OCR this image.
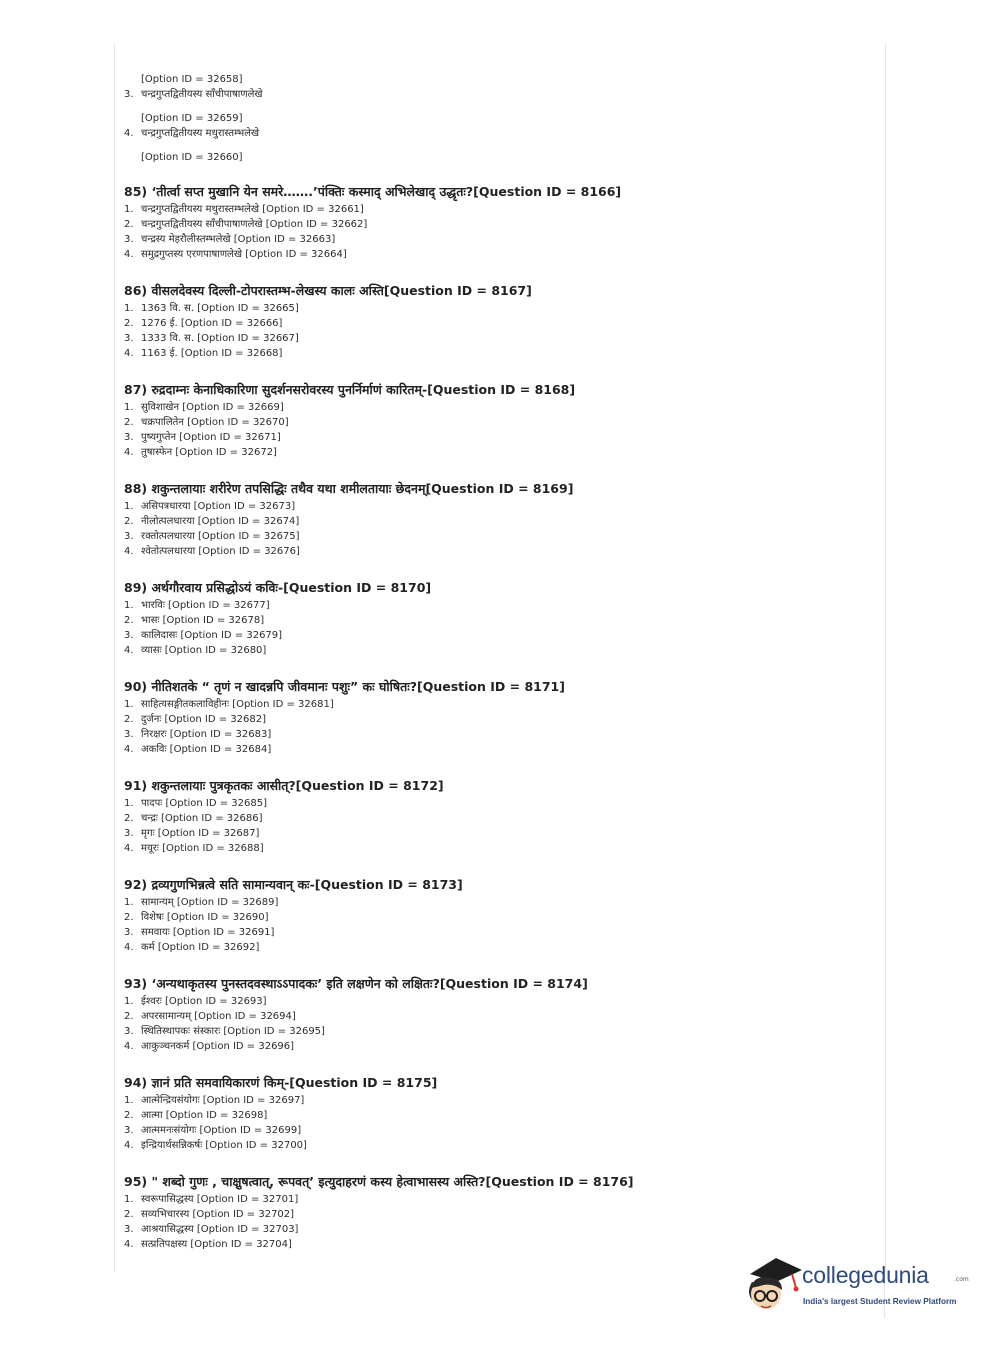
[Option ID = 32658]
3. चन्द्रगुप्तद्वितीयस्य साँचीपाषाणलेखे
[Option ID = 32659]
4. चन्द्रगुप्तद्वितीयस्य मथुरास्तम्भलेखे
[Option ID = 32660]
85) ‘तीर्त्वा सप्त मुखानि येन समरे…….’पंक्तिः कस्माद् अभिलेखाद् उद्धृतः?[Question ID = 8166]
1. चन्द्रगुप्तद्वितीयस्य मथुरास्तम्भलेखे [Option ID = 32661]
2. चन्द्रगुप्तद्वितीयस्य साँचीपाषाणलेखे [Option ID = 32662]
3. चन्द्रस्य मेहरौलीस्तम्भलेखे [Option ID = 32663]
4. समुद्रगुप्तस्य एरणपाषाणलेखे [Option ID = 32664]
86) वीसलदेवस्य दिल्ली-टोपरास्तम्भ-लेखस्य कालः अस्ति[Question ID = 8167]
1. 1363 वि. स. [Option ID = 32665]
2. 1276 ई. [Option ID = 32666]
3. 1333 वि. स. [Option ID = 32667]
4. 1163 ई. [Option ID = 32668]
87) रुद्रदाम्नः केनाधिकारिणा सुदर्शनसरोवरस्य पुनर्निर्माणं कारितम्-[Question ID = 8168]
1. सुविशाखेन [Option ID = 32669]
2. चक्रपालितेन [Option ID = 32670]
3. पुष्यगुप्तेन [Option ID = 32671]
4. तुषास्फेन [Option ID = 32672]
88) शकुन्तलायाः शरीरेण तपसिद्धिः तथैव यथा शमीलतायाः छेदनम्[Question ID = 8169]
1. असिपत्रधारया [Option ID = 32673]
2. नीलोत्पलधारया [Option ID = 32674]
3. रक्तोत्पलधारया [Option ID = 32675]
4. श्वेतोत्पलधारया [Option ID = 32676]
89) अर्थगौरवाय प्रसिद्धोऽयं कविः-[Question ID = 8170]
1. भारविः [Option ID = 32677]
2. भासः [Option ID = 32678]
3. कालिदासः [Option ID = 32679]
4. व्यासः [Option ID = 32680]
90) नीतिशतके “ तृणं न खादन्नपि जीवमानः पशुः” कः घोषितः?[Question ID = 8171]
1. साहित्यसङ्गीतकलाविहीनः [Option ID = 32681]
2. दुर्जनः [Option ID = 32682]
3. निरक्षरः [Option ID = 32683]
4. अकविः [Option ID = 32684]
91) शकुन्तलायाः पुत्रकृतकः आसीत्?[Question ID = 8172]
1. पादपः [Option ID = 32685]
2. चन्द्रः [Option ID = 32686]
3. मृगः [Option ID = 32687]
4. मयूरः [Option ID = 32688]
92) द्रव्यगुणभिन्नत्वे सति सामान्यवान् कः-[Question ID = 8173]
1. सामान्यम् [Option ID = 32689]
2. विशेषः [Option ID = 32690]
3. समवायः [Option ID = 32691]
4. कर्म [Option ID = 32692]
93) ‘अन्यथाकृतस्य पुनस्तदवस्थाऽऽपादकः’ इति लक्षणेन को लक्षितः?[Question ID = 8174]
1. ईश्वरः [Option ID = 32693]
2. अपरसामान्यम् [Option ID = 32694]
3. स्थितिस्थापकः संस्कारः [Option ID = 32695]
4. आकुञ्चनकर्म [Option ID = 32696]
94) ज्ञानं प्रति समवायिकारणं किम्-[Question ID = 8175]
1. आत्मेन्द्रियसंयोगः [Option ID = 32697]
2. आत्मा [Option ID = 32698]
3. आत्ममनःसंयोगः [Option ID = 32699]
4. इन्द्रियार्थसन्निकर्षः [Option ID = 32700]
95) " शब्दो गुणः , चाक्षुषत्वात्, रूपवत्’ इत्युदाहरणं कस्य हेत्वाभासस्य अस्ति?[Question ID = 8176]
1. स्वरूपासिद्धस्य [Option ID = 32701]
2. सव्यभिचारस्य [Option ID = 32702]
3. आश्रयासिद्धस्य [Option ID = 32703]
4. सत्प्रतिपक्षस्य [Option ID = 32704]
collegedunia	.com
India's largest Student Review Platform
